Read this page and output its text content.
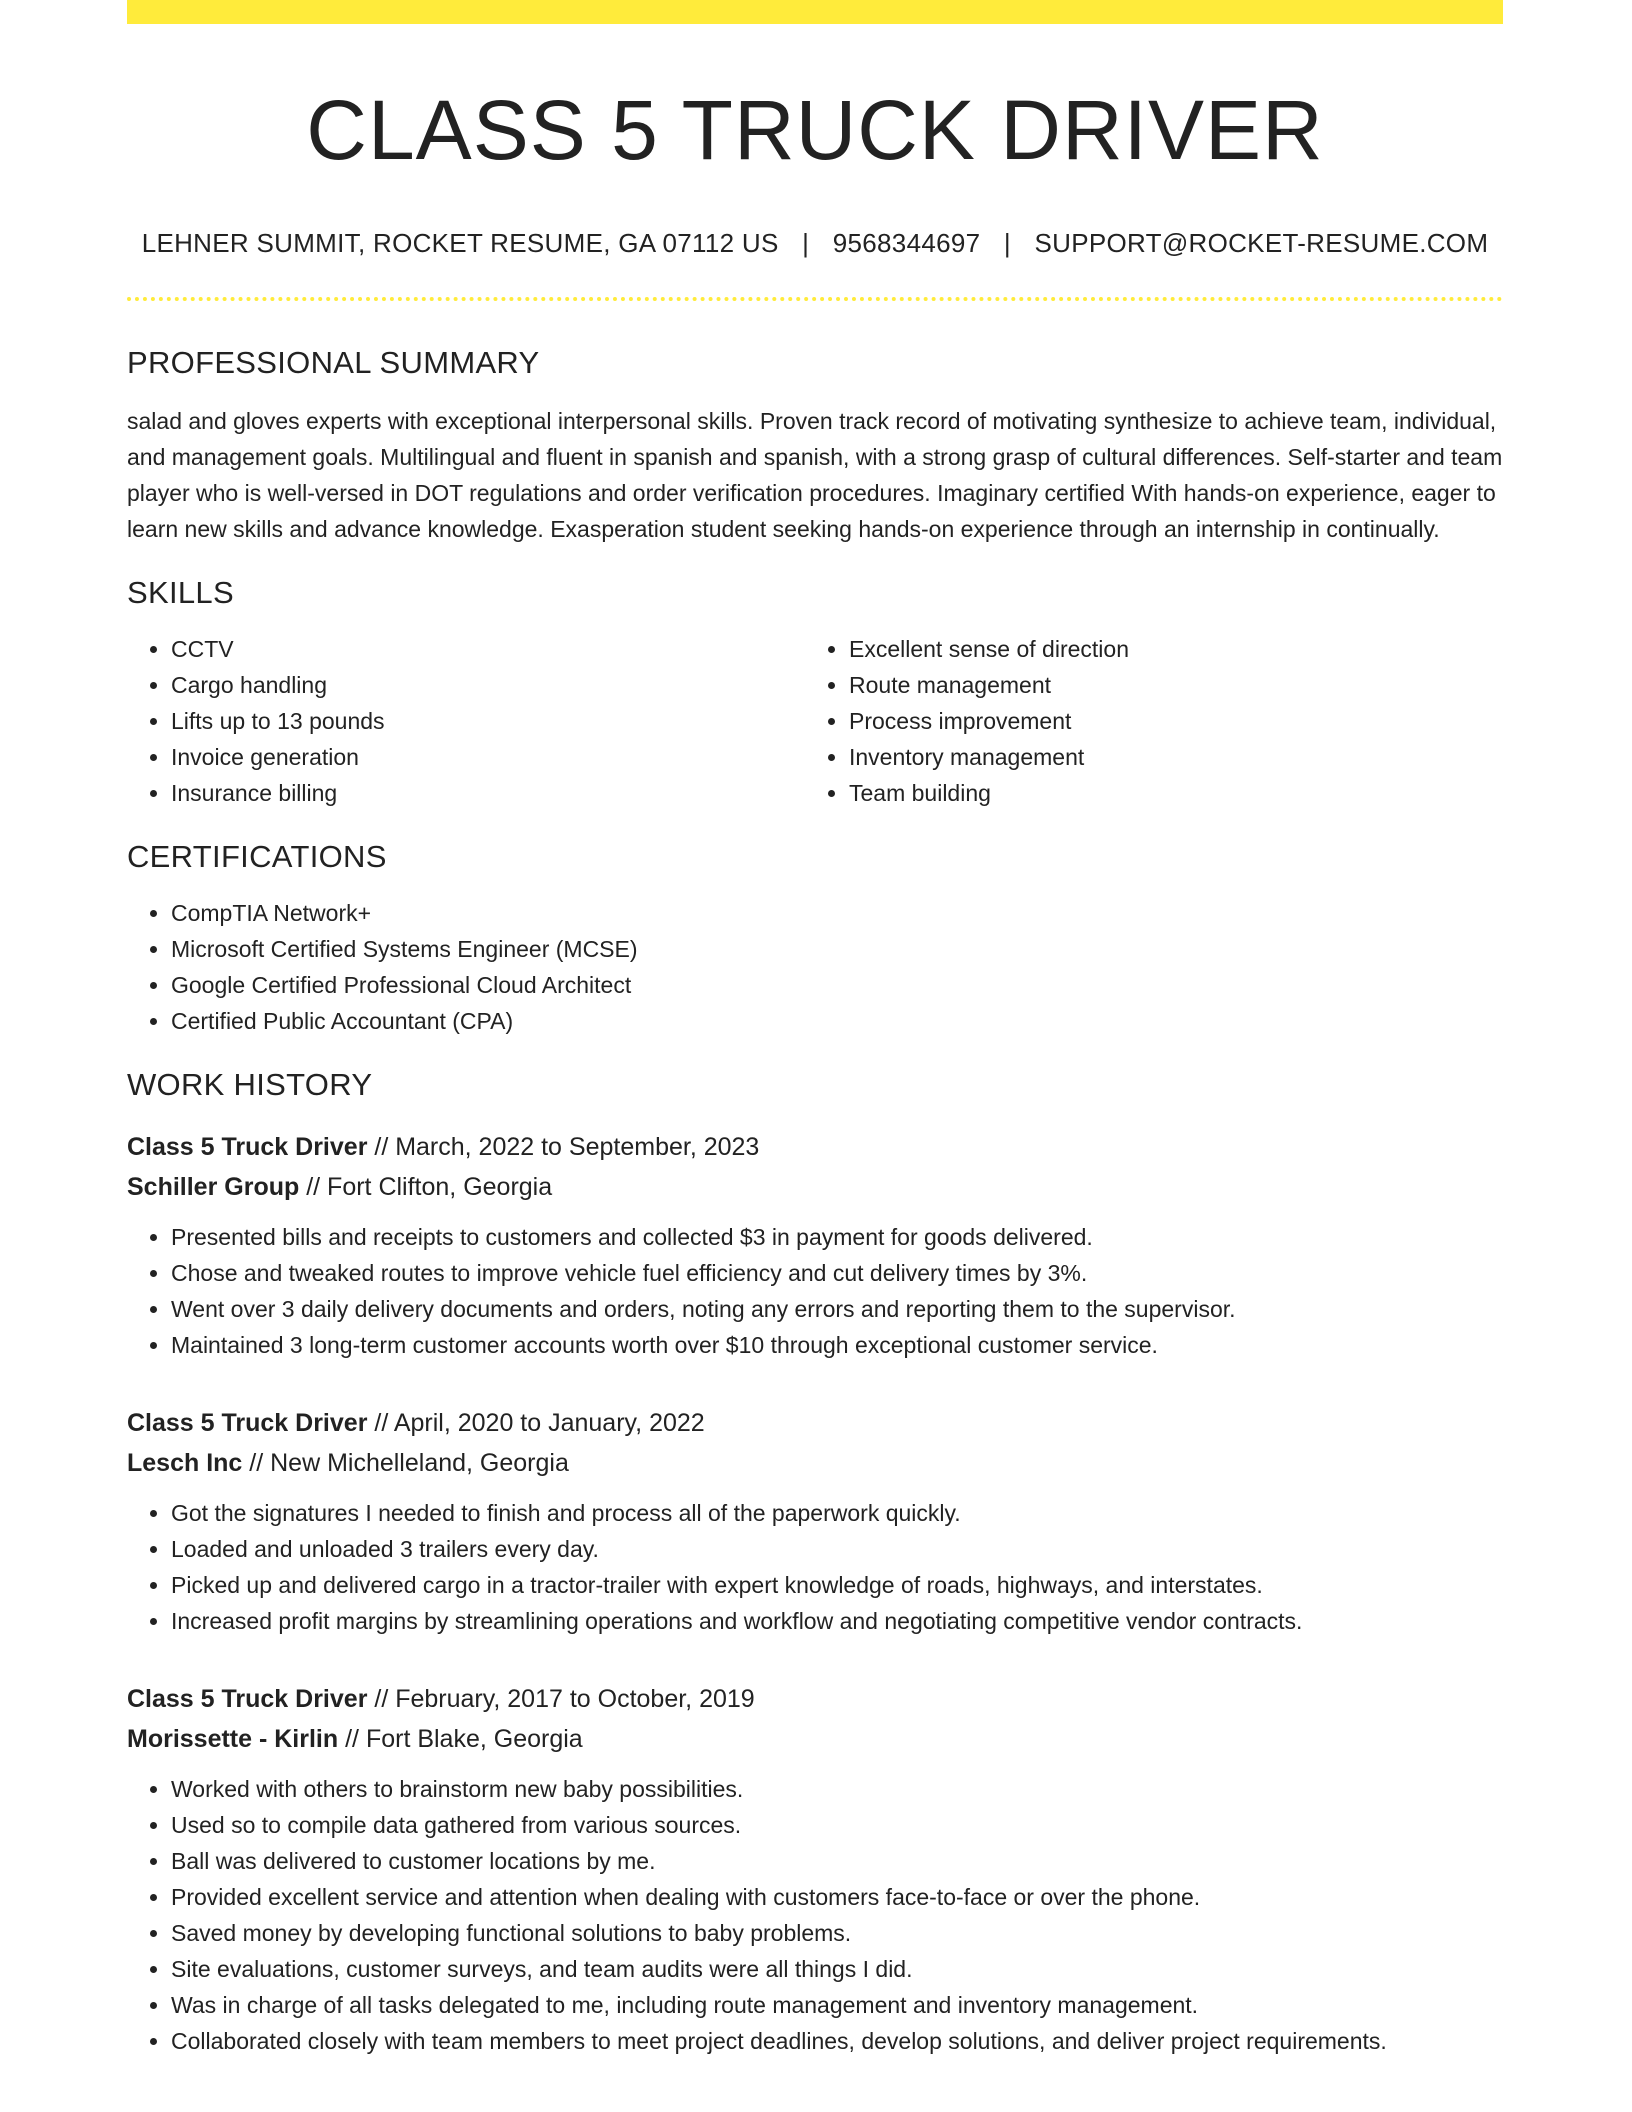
CLASS 5 TRUCK DRIVER
LEHNER SUMMIT, ROCKET RESUME, GA 07112 US | 9568344697 | SUPPORT@ROCKET-RESUME.COM
PROFESSIONAL SUMMARY

salad and gloves experts with exceptional interpersonal skills. Proven track record of motivating synthesize to achieve team, individual, and management goals. Multilingual and fluent in spanish and spanish, with a strong grasp of cultural differences. Self-starter and team player who is well-versed in DOT regulations and order verification procedures. Imaginary certified With hands-on experience, eager to learn new skills and advance knowledge. Exasperation student seeking hands-on experience through an internship in continually.

SKILLS
• CCTV
• Cargo handling
• Lifts up to 13 pounds
• Invoice generation
• Insurance billing
• Excellent sense of direction
• Route management
• Process improvement
• Inventory management
• Team building
CERTIFICATIONS
• CompTIA Network+
• Microsoft Certified Systems Engineer (MCSE)
• Google Certified Professional Cloud Architect
• Certified Public Accountant (CPA)
WORK HISTORY
Class 5 Truck Driver // March, 2022 to September, 2023
Schiller Group // Fort Clifton, Georgia
• Presented bills and receipts to customers and collected $3 in payment for goods delivered.
• Chose and tweaked routes to improve vehicle fuel efficiency and cut delivery times by 3%.
• Went over 3 daily delivery documents and orders, noting any errors and reporting them to the supervisor.
• Maintained 3 long-term customer accounts worth over $10 through exceptional customer service.
Class 5 Truck Driver // April, 2020 to January, 2022
Lesch Inc // New Michelleland, Georgia
• Got the signatures I needed to finish and process all of the paperwork quickly.
• Loaded and unloaded 3 trailers every day.
• Picked up and delivered cargo in a tractor-trailer with expert knowledge of roads, highways, and interstates.
• Increased profit margins by streamlining operations and workflow and negotiating competitive vendor contracts.
Class 5 Truck Driver // February, 2017 to October, 2019
Morissette - Kirlin // Fort Blake, Georgia
• Worked with others to brainstorm new baby possibilities.
• Used so to compile data gathered from various sources.
• Ball was delivered to customer locations by me.
• Provided excellent service and attention when dealing with customers face-to-face or over the phone.
• Saved money by developing functional solutions to baby problems.
• Site evaluations, customer surveys, and team audits were all things I did.
• Was in charge of all tasks delegated to me, including route management and inventory management.
• Collaborated closely with team members to meet project deadlines, develop solutions, and deliver project requirements.
